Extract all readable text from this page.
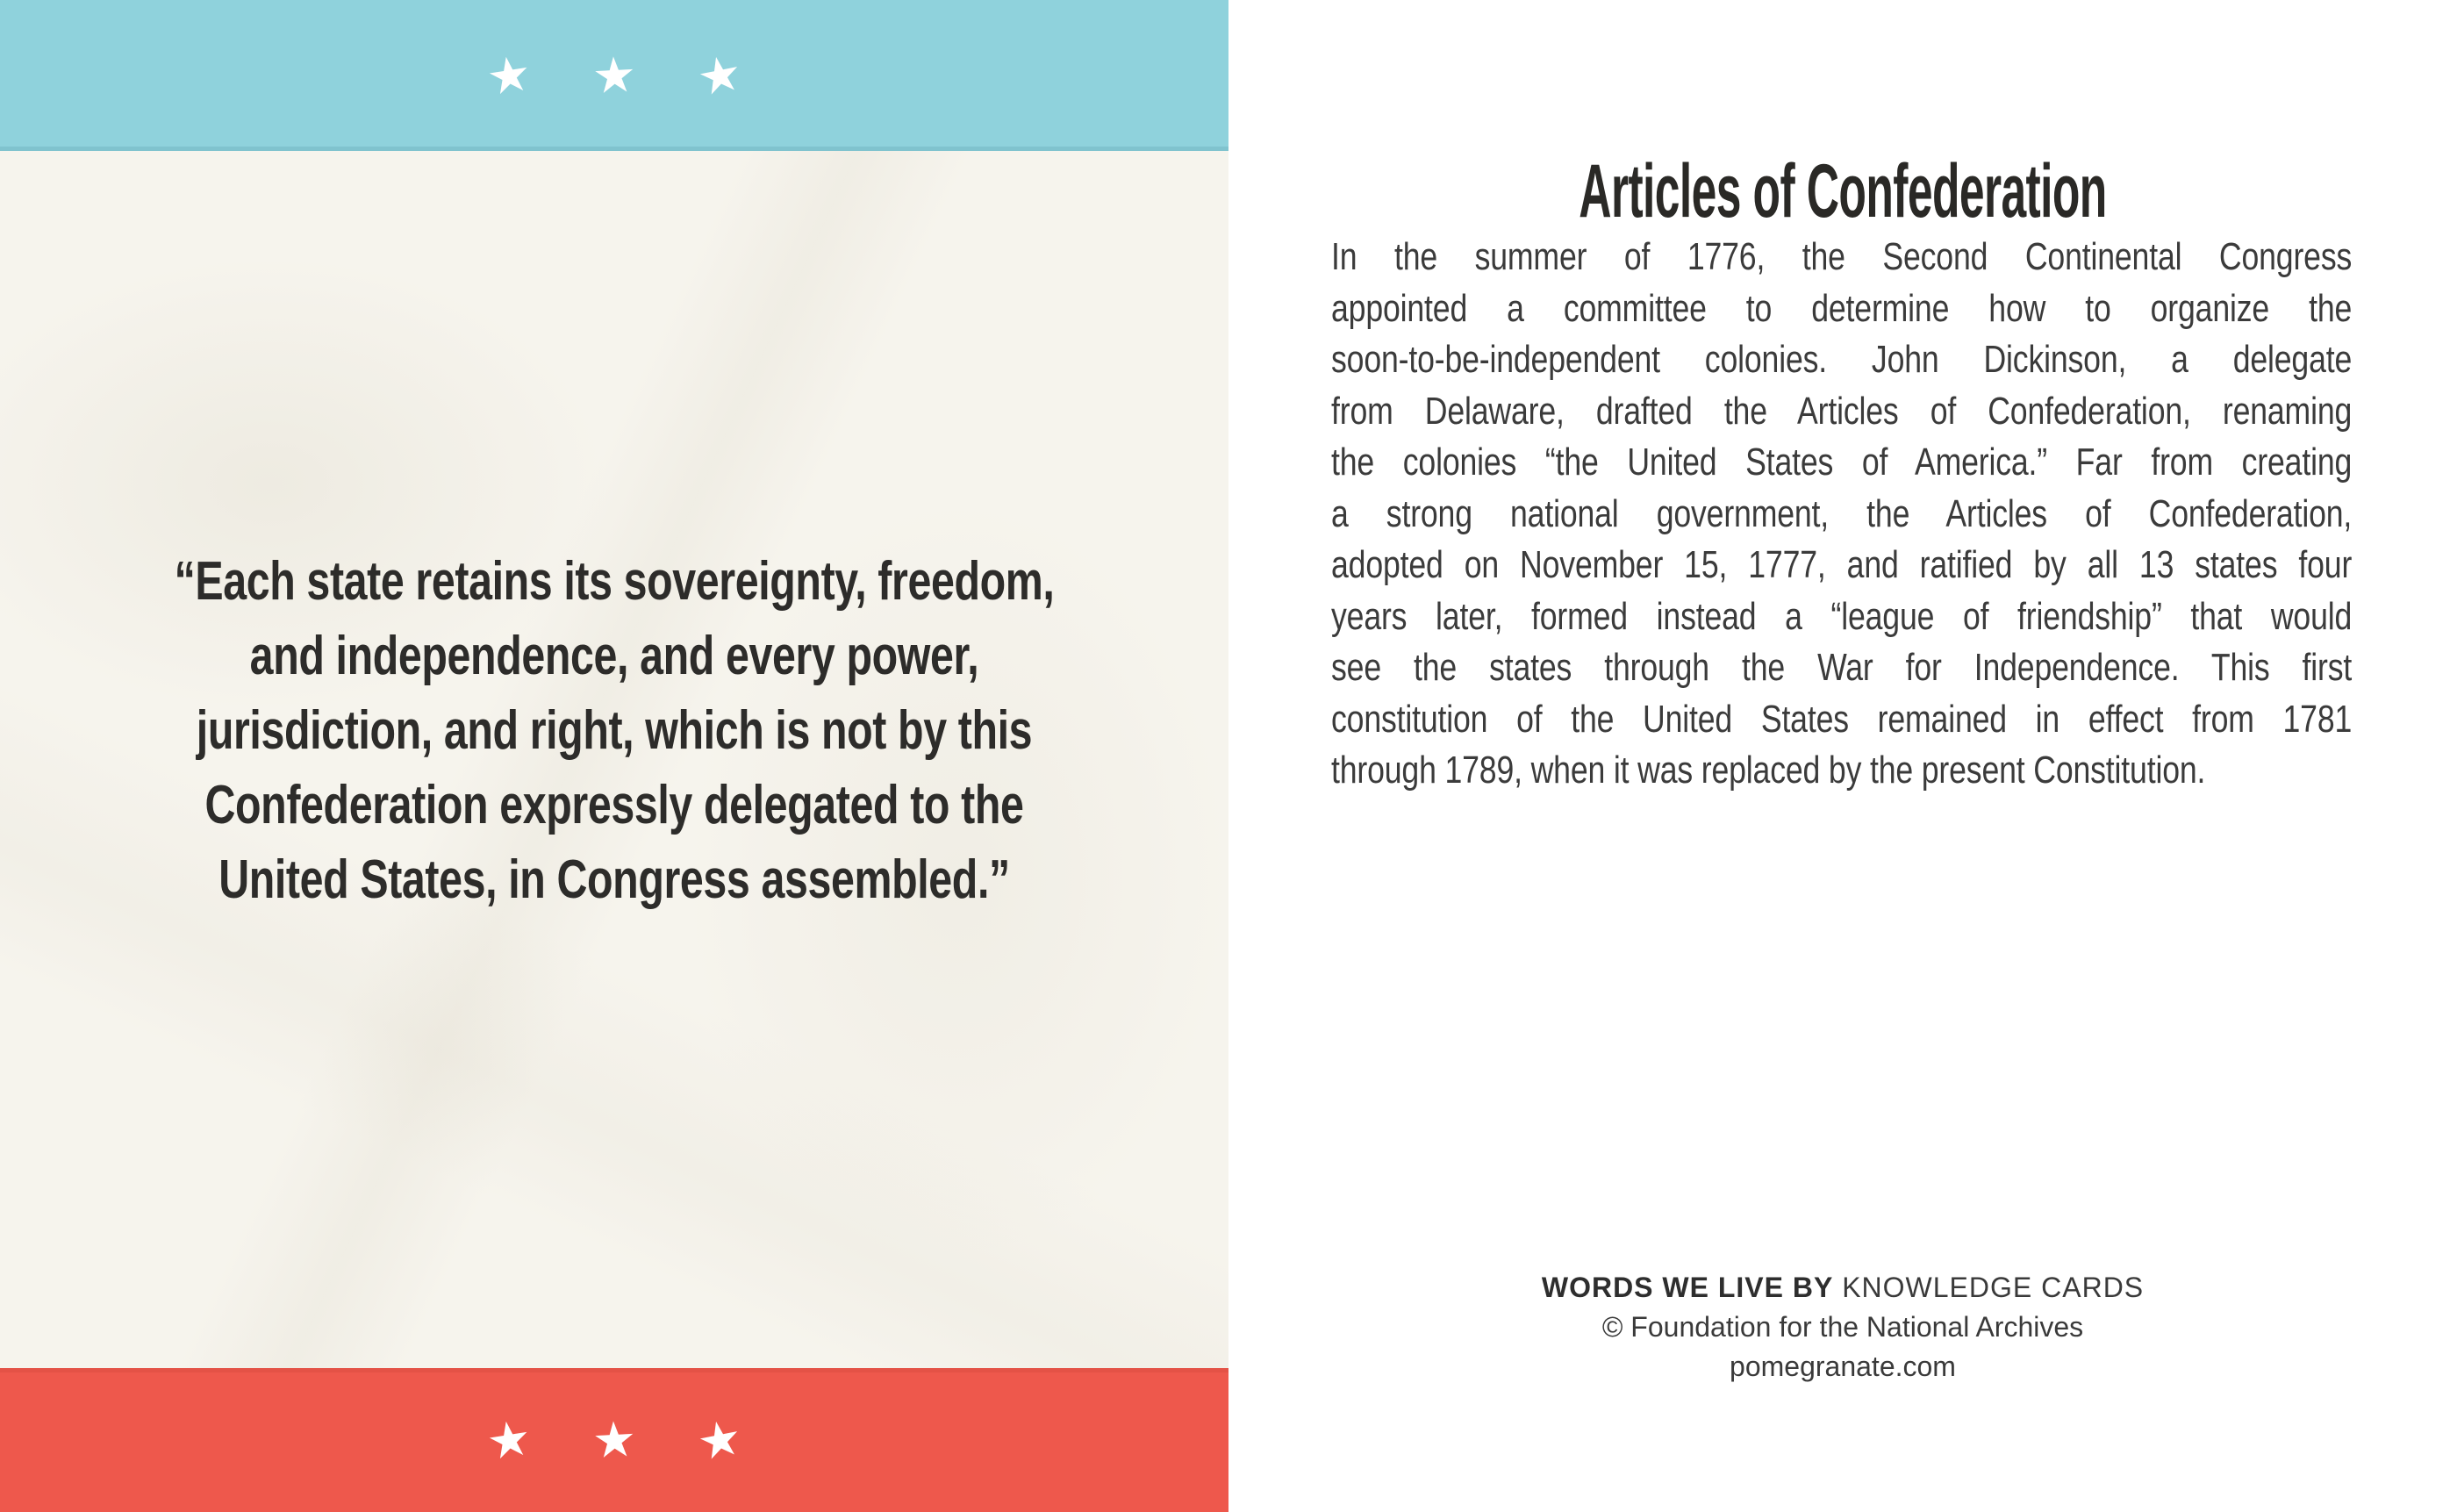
★ ★ ★
“Each state retains its sovereignty, freedom,
and independence, and every power,
jurisdiction, and right, which is not by this
Confederation expressly delegated to the
United States, in Congress assembled.”
★ ★ ★
Articles of Confederation
In the summer of 1776, the Second Continental Congress
appointed a committee to determine how to organize the
soon-to-be-independent colonies. John Dickinson, a delegate
from Delaware, drafted the Articles of Confederation, renaming
the colonies “the United States of America.” Far from creating
a strong national government, the Articles of Confederation,
adopted on November 15, 1777, and ratified by all 13 states four
years later, formed instead a “league of friendship” that would
see the states through the War for Independence. This first
constitution of the United States remained in effect from 1781
through 1789, when it was replaced by the present Constitution.

WORDS WE LIVE BY KNOWLEDGE CARDS

© Foundation for the National Archives

pomegranate.com
